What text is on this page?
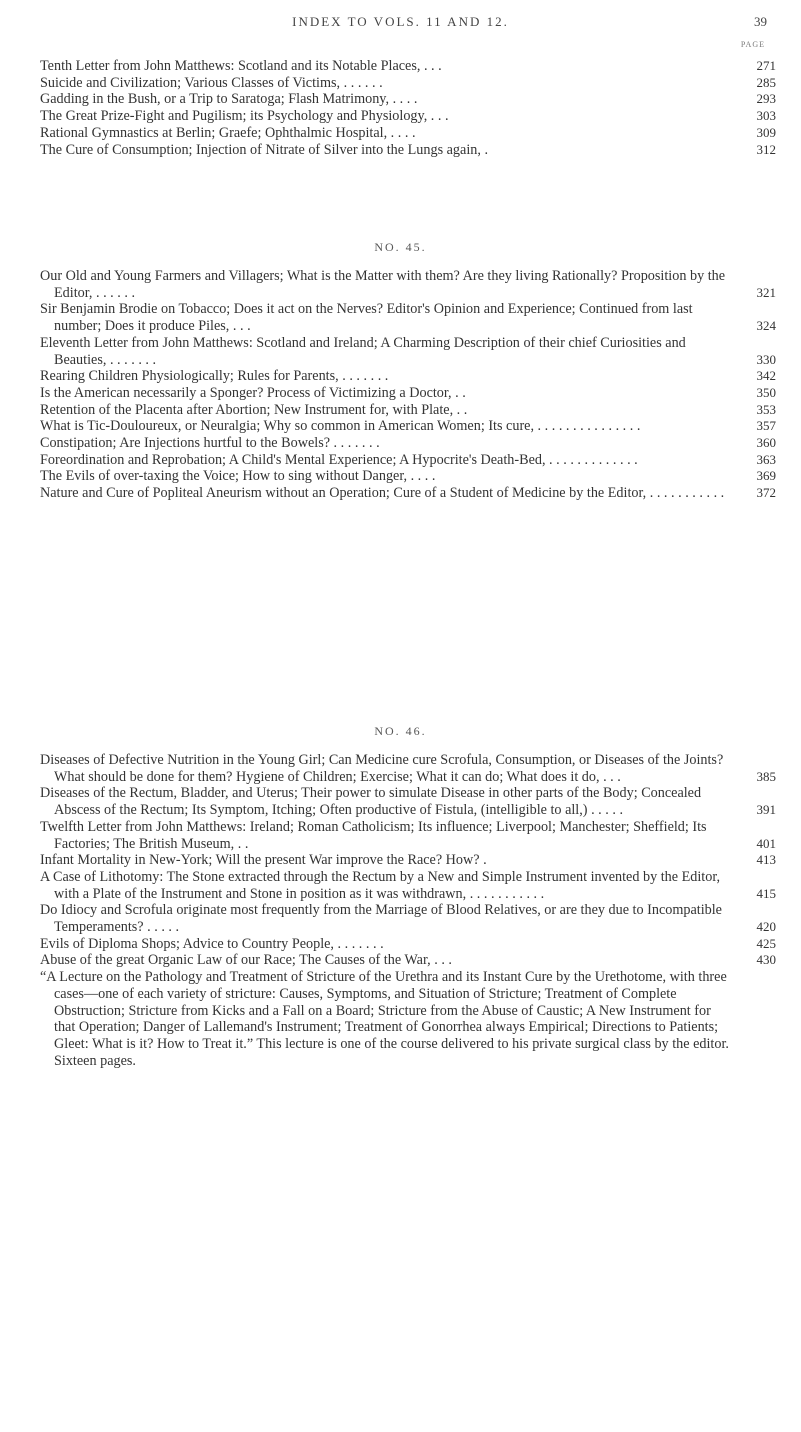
INDEX TO VOLS. 11 AND 12.	39
PAGE
Tenth Letter from John Matthews: Scotland and its Notable Places, . . .	271
Suicide and Civilization; Various Classes of Victims, . . . . . .	285
Gadding in the Bush, or a Trip to Saratoga; Flash Matrimony, . . . .	293
The Great Prize-Fight and Pugilism; its Psychology and Physiology, . . .	303
Rational Gymnastics at Berlin; Graefe; Ophthalmic Hospital, . . . .	309
The Cure of Consumption; Injection of Nitrate of Silver into the Lungs again, .	312
NO. 45.
Our Old and Young Farmers and Villagers; What is the Matter with them? Are they living Rationally? Proposition by the Editor, . . . . . .	321
Sir Benjamin Brodie on Tobacco; Does it act on the Nerves? Editor's Opinion and Experience; Continued from last number; Does it produce Piles, . . .	324
Eleventh Letter from John Matthews: Scotland and Ireland; A Charming Description of their chief Curiosities and Beauties, . . . . . . .	330
Rearing Children Physiologically; Rules for Parents, . . . . . . .	342
Is the American necessarily a Sponger? Process of Victimizing a Doctor, . .	350
Retention of the Placenta after Abortion; New Instrument for, with Plate, . .	353
What is Tic-Douloureux, or Neuralgia; Why so common in American Women; Its cure, . . . . . . . . . . . . . . .	357
Constipation; Are Injections hurtful to the Bowels? . . . . . . .	360
Foreordination and Reprobation; A Child's Mental Experience; A Hypocrite's Death-Bed, . . . . . . . . . . . . .	363
The Evils of over-taxing the Voice; How to sing without Danger, . . . .	369
Nature and Cure of Popliteal Aneurism without an Operation; Cure of a Student of Medicine by the Editor, . . . . . . . . . . . 372
NO. 46.
Diseases of Defective Nutrition in the Young Girl; Can Medicine cure Scrofula, Consumption, or Diseases of the Joints? What should be done for them? Hygiene of Children; Exercise; What it can do; What does it do, . . .	385
Diseases of the Rectum, Bladder, and Uterus; Their power to simulate Disease in other parts of the Body; Concealed Abscess of the Rectum; Its Symptom, Itching; Often productive of Fistula, (intelligible to all,) . . . . .	391
Twelfth Letter from John Matthews: Ireland; Roman Catholicism; Its influence; Liverpool; Manchester; Sheffield; Its Factories; The British Museum, . .	401
Infant Mortality in New-York; Will the present War improve the Race? How? .	413
A Case of Lithotomy: The Stone extracted through the Rectum by a New and Simple Instrument invented by the Editor, with a Plate of the Instrument and Stone in position as it was withdrawn, . . . . . . . . . . .	415
Do Idiocy and Scrofula originate most frequently from the Marriage of Blood Relatives, or are they due to Incompatible Temperaments? . . . . .	420
Evils of Diploma Shops; Advice to Country People, . . . . . . .	425
Abuse of the great Organic Law of our Race; The Causes of the War, . . .	430
“A Lecture on the Pathology and Treatment of Stricture of the Urethra and its Instant Cure by the Urethotome, with three cases—one of each variety of stricture: Causes, Symptoms, and Situation of Stricture; Treatment of Complete Obstruction; Stricture from Kicks and a Fall on a Board; Stricture from the Abuse of Caustic; A New Instrument for that Operation; Danger of Lallemand's Instrument; Treatment of Gonorrhea always Empirical; Directions to Patients; Gleet: What is it? How to Treat it.” This lecture is one of the course delivered to his private surgical class by the editor. Sixteen pages.
